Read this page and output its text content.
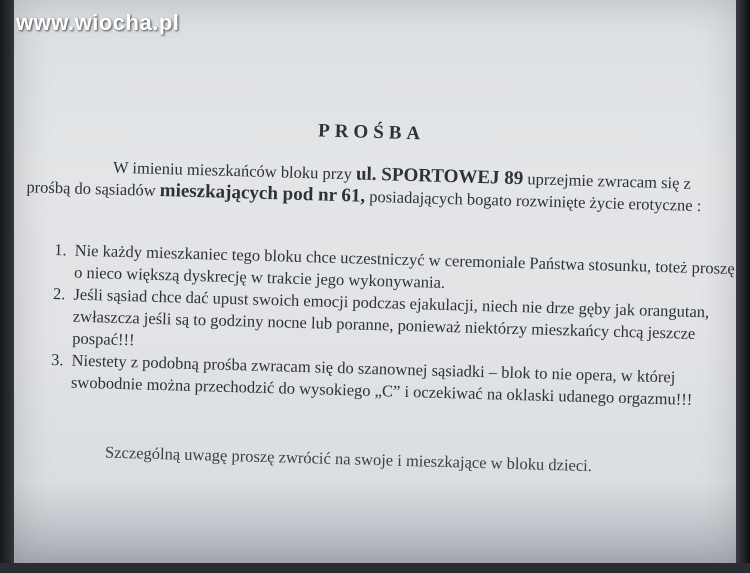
PROŚBA
W imieniu mieszkańców bloku przy ul. SPORTOWEJ 89 uprzejmie zwracam się z prośbą do sąsiadów mieszkających pod nr 61, posiadających bogato rozwinięte życie erotyczne :
1. Nie każdy mieszkaniec tego bloku chce uczestniczyć w ceremoniale Państwa stosunku, toteż proszę o nieco większą dyskrecję w trakcie jego wykonywania.
2. Jeśli sąsiad chce dać upust swoich emocji podczas ejakulacji, niech nie drze gęby jak orangutan, zwłaszcza jeśli są to godziny nocne lub poranne, ponieważ niektórzy mieszkańcy chcą jeszcze pospać!!!
3. Niestety z podobną prośba zwracam się do szanownej sąsiadki – blok to nie opera, w której swobodnie można przechodzić do wysokiego „C” i oczekiwać na oklaski udanego orgazmu!!!
Szczególną uwagę proszę zwrócić na swoje i mieszkające w bloku dzieci.
www.wiocha.pl
